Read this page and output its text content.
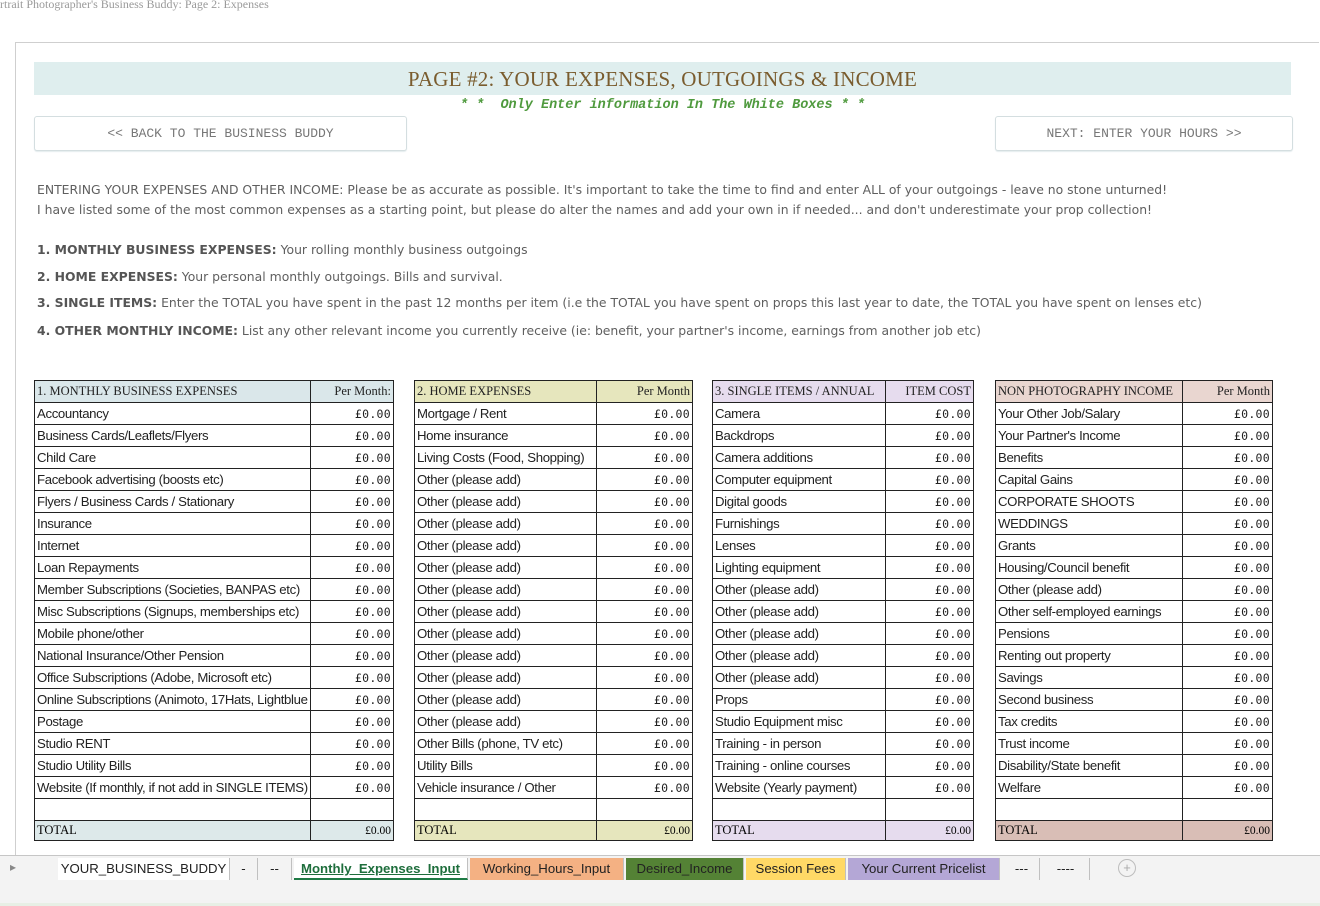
rtrait Photographer's Business Buddy: Page 2: Expenses
PAGE #2: YOUR EXPENSES, OUTGOINGS & INCOME
* *  Only Enter information In The White Boxes * *
<< BACK TO THE BUSINESS BUDDY	NEXT: ENTER YOUR HOURS >>
ENTERING YOUR EXPENSES AND OTHER INCOME: Please be as accurate as possible. It's important to take the time to find and enter ALL of your outgoings - leave no stone unturned!
I have listed some of the most common expenses as a starting point, but please do alter the names and add your own in if needed... and don't underestimate your prop collection!
1. MONTHLY BUSINESS EXPENSES: Your rolling monthly business outgoings
2. HOME EXPENSES: Your personal monthly outgoings. Bills and survival.
3. SINGLE ITEMS: Enter the TOTAL you have spent in the past 12 months per item (i.e the TOTAL you have spent on props this last year to date, the TOTAL you have spent on lenses etc)
4. OTHER MONTHLY INCOME: List any other relevant income you currently receive (ie: benefit, your partner's income, earnings from another job etc)
1. MONTHLY BUSINESS EXPENSES	Per Month:
Accountancy	£0.00
Business Cards/Leaflets/Flyers	£0.00
Child Care	£0.00
Facebook advertising (boosts etc)	£0.00
Flyers / Business Cards / Stationary	£0.00
Insurance	£0.00
Internet	£0.00
Loan Repayments	£0.00
Member Subscriptions (Societies, BANPAS etc)	£0.00
Misc Subscriptions (Signups, memberships etc)	£0.00
Mobile phone/other	£0.00
National Insurance/Other Pension	£0.00
Office Subscriptions (Adobe, Microsoft etc)	£0.00
Online Subscriptions (Animoto, 17Hats, Lightblue	£0.00
Postage	£0.00
Studio RENT	£0.00
Studio Utility Bills	£0.00
Website (If monthly, if not add in SINGLE ITEMS)	£0.00

TOTAL	£0.00
2. HOME EXPENSES	Per Month
Mortgage / Rent	£0.00
Home insurance	£0.00
Living Costs (Food, Shopping)	£0.00
Other (please add)	£0.00
Other (please add)	£0.00
Other (please add)	£0.00
Other (please add)	£0.00
Other (please add)	£0.00
Other (please add)	£0.00
Other (please add)	£0.00
Other (please add)	£0.00
Other (please add)	£0.00
Other (please add)	£0.00
Other (please add)	£0.00
Other (please add)	£0.00
Other Bills (phone, TV etc)	£0.00
Utility Bills	£0.00
Vehicle insurance / Other	£0.00

TOTAL	£0.00
3. SINGLE ITEMS / ANNUAL	ITEM COST
Camera	£0.00
Backdrops	£0.00
Camera additions	£0.00
Computer equipment	£0.00
Digital goods	£0.00
Furnishings	£0.00
Lenses	£0.00
Lighting equipment	£0.00
Other (please add)	£0.00
Other (please add)	£0.00
Other (please add)	£0.00
Other (please add)	£0.00
Other (please add)	£0.00
Props	£0.00
Studio Equipment misc	£0.00
Training - in person	£0.00
Training - online courses	£0.00
Website (Yearly payment)	£0.00

TOTAL	£0.00
NON PHOTOGRAPHY INCOME	Per Month
Your Other Job/Salary	£0.00
Your Partner's Income	£0.00
Benefits	£0.00
Capital Gains	£0.00
CORPORATE SHOOTS	£0.00
WEDDINGS	£0.00
Grants	£0.00
Housing/Council benefit	£0.00
Other (please add)	£0.00
Other self-employed earnings	£0.00
Pensions	£0.00
Renting out property	£0.00
Savings	£0.00
Second business	£0.00
Tax credits	£0.00
Trust income	£0.00
Disability/State benefit	£0.00
Welfare	£0.00

TOTAL	£0.00
▸	YOUR_BUSINESS_BUDDY	-	--	Monthly_Expenses_Input	Working_Hours_Input	Desired_Income	Session Fees	Your Current Pricelist	---	----	+
